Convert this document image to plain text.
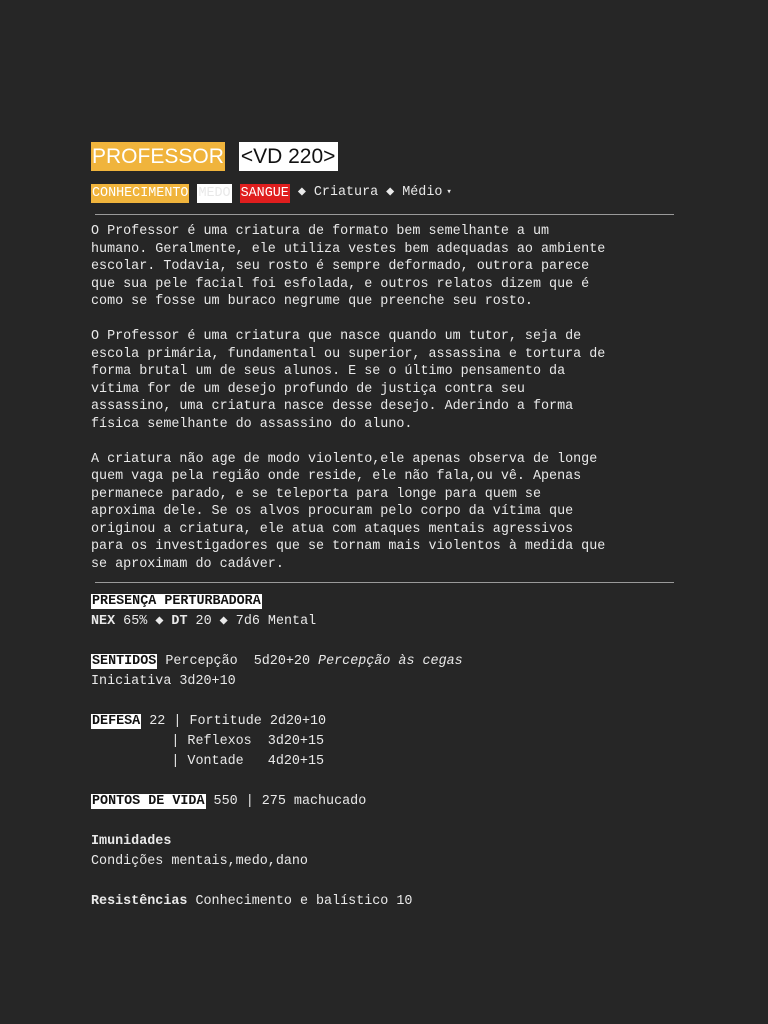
PROFESSOR <VD 220>
CONHECIMENTO MEDO SANGUE ◆ Criatura ◆ Médio ▾

O Professor é uma criatura de formato bem semelhante a um
humano. Geralmente, ele utiliza vestes bem adequadas ao ambiente
escolar. Todavia, seu rosto é sempre deformado, outrora parece
que sua pele facial foi esfolada, e outros relatos dizem que é
como se fosse um buraco negrume que preenche seu rosto.

O Professor é uma criatura que nasce quando um tutor, seja de
escola primária, fundamental ou superior, assassina e tortura de
forma brutal um de seus alunos. E se o último pensamento da
vítima for de um desejo profundo de justiça contra seu
assassino, uma criatura nasce desse desejo. Aderindo a forma
física semelhante do assassino do aluno.

A criatura não age de modo violento,ele apenas observa de longe
quem vaga pela região onde reside, ele não fala,ou vê. Apenas
permanece parado, e se teleporta para longe para quem se
aproxima dele. Se os alvos procuram pelo corpo da vítima que
originou a criatura, ele atua com ataques mentais agressivos
para os investigadores que se tornam mais violentos à medida que
se aproximam do cadáver.

PRESENÇA PERTURBADORA
NEX 65% ◆ DT 20 ◆ 7d6 Mental
SENTIDOS Percepção  5d20+20 Percepção às cegas
Iniciativa 3d20+10
DEFESA 22 | Fortitude 2d20+10
| Reflexos  3d20+15
| Vontade   4d20+15
PONTOS DE VIDA 550 | 275 machucado
Imunidades
Condições mentais,medo,dano
Resistências Conhecimento e balístico 10
